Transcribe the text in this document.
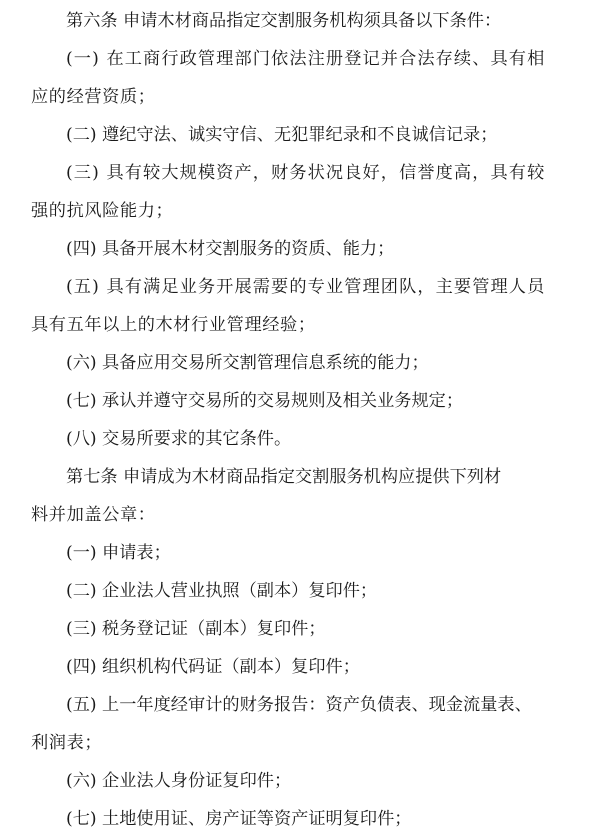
第六条 申请木材商品指定交割服务机构须具备以下条件：
(一) 在工商行政管理部门依法注册登记并合法存续、具有相
应的经营资质；
(二) 遵纪守法、诚实守信、无犯罪纪录和不良诚信记录；
(三) 具有较大规模资产，财务状况良好，信誉度高，具有较
强的抗风险能力；
(四) 具备开展木材交割服务的资质、能力；
(五) 具有满足业务开展需要的专业管理团队，主要管理人员
具有五年以上的木材行业管理经验；
(六) 具备应用交易所交割管理信息系统的能力；
(七) 承认并遵守交易所的交易规则及相关业务规定；
(八) 交易所要求的其它条件。
第七条 申请成为木材商品指定交割服务机构应提供下列材
料并加盖公章：
(一) 申请表；
(二) 企业法人营业执照（副本）复印件；
(三) 税务登记证（副本）复印件；
(四) 组织机构代码证（副本）复印件；
(五) 上一年度经审计的财务报告：资产负债表、现金流量表、
利润表；
(六) 企业法人身份证复印件；
(七) 土地使用证、房产证等资产证明复印件；
